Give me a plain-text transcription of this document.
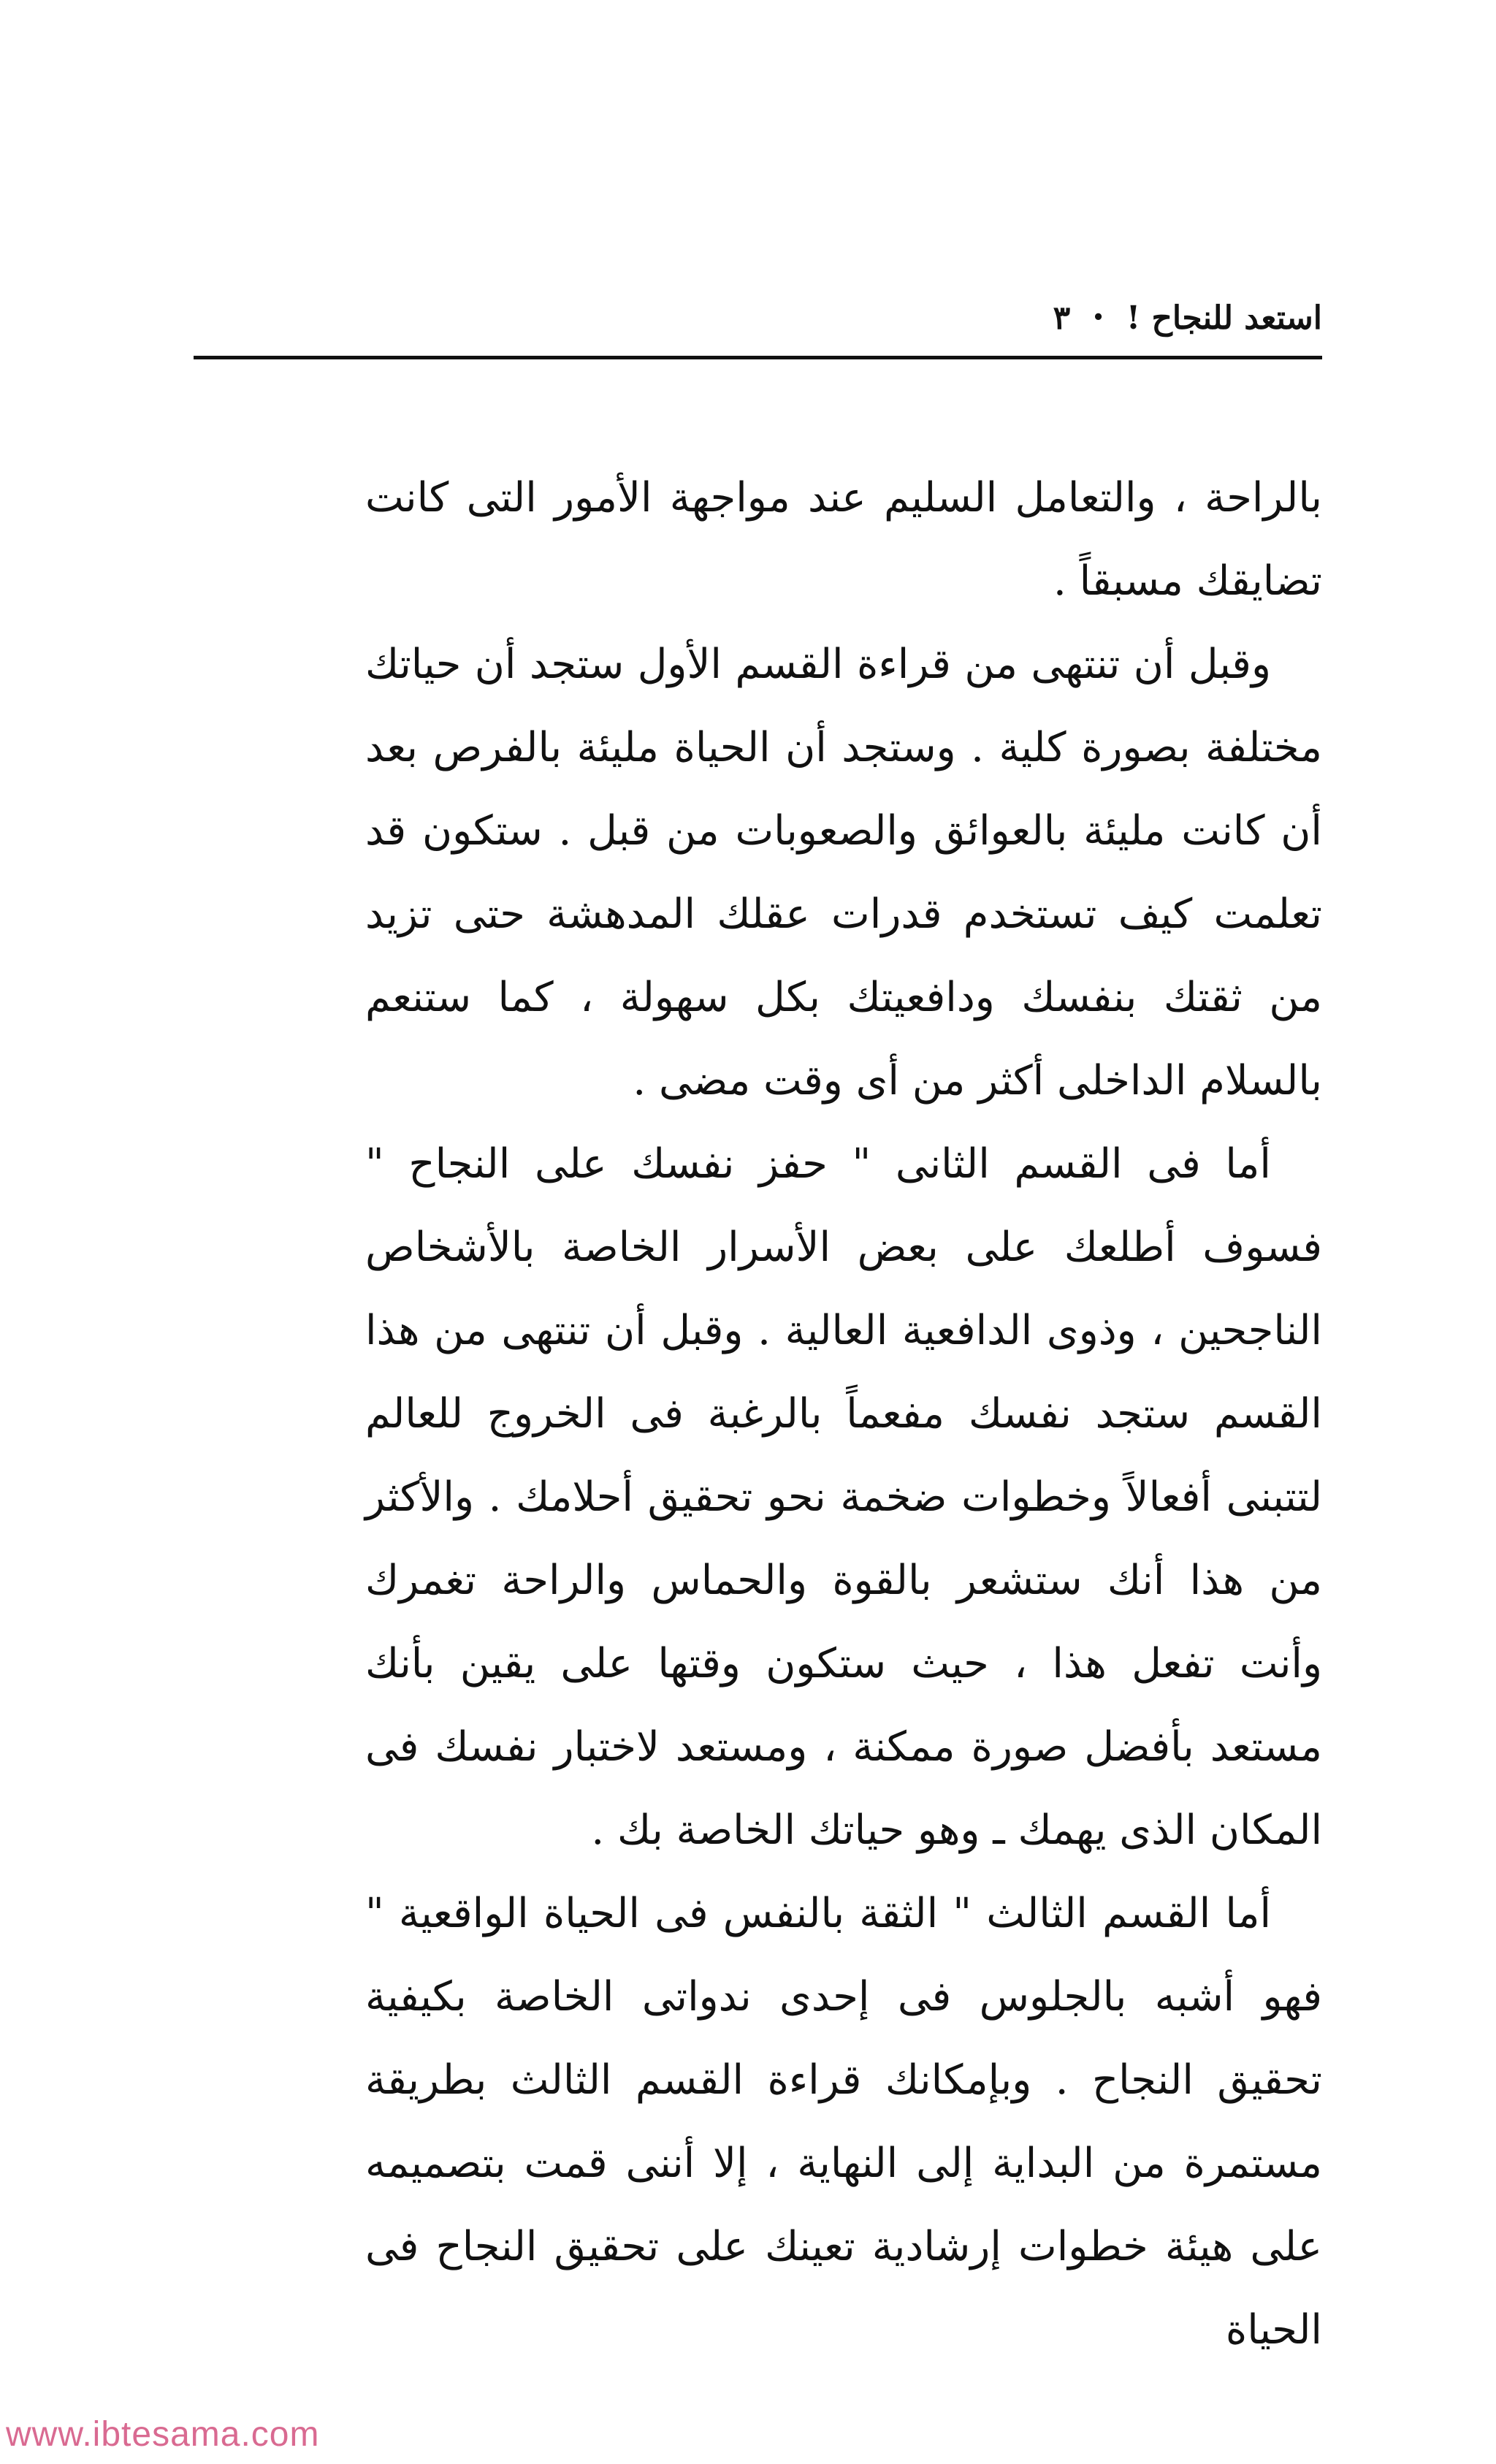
استعد للنجاح !
•
٣

بالراحة ، والتعامل السليم عند مواجهة الأمور التى كانت تضايقك مسبقاً .

وقبل أن تنتهى من قراءة القسم الأول ستجد أن حياتك مختلفة بصورة كلية . وستجد أن الحياة مليئة بالفرص بعد أن كانت مليئة بالعوائق والصعوبات من قبل . ستكون قد تعلمت كيف تستخدم قدرات عقلك المدهشة حتى تزيد من ثقتك بنفسك ودافعيتك بكل سهولة ، كما ستنعم بالسلام الداخلى أكثر من أى وقت مضى .

أما فى القسم الثانى " حفز نفسك على النجاح " فسوف أطلعك على بعض الأسرار الخاصة بالأشخاص الناجحين ، وذوى الدافعية العالية . وقبل أن تنتهى من هذا القسم ستجد نفسك مفعماً بالرغبة فى الخروج للعالم لتتبنى أفعالاً وخطوات ضخمة نحو تحقيق أحلامك . والأكثر من هذا أنك ستشعر بالقوة والحماس والراحة تغمرك وأنت تفعل هذا ، حيث ستكون وقتها على يقين بأنك مستعد بأفضل صورة ممكنة ، ومستعد لاختبار نفسك فى المكان الذى يهمك ـ وهو حياتك الخاصة بك .

أما القسم الثالث " الثقة بالنفس فى الحياة الواقعية " فهو أشبه بالجلوس فى إحدى ندواتى الخاصة بكيفية تحقيق النجاح . وبإمكانك قراءة القسم الثالث بطريقة مستمرة من البداية إلى النهاية ، إلا أننى قمت بتصميمه على هيئة خطوات إرشادية تعينك على تحقيق النجاح فى الحياة

www.ibtesama.com
